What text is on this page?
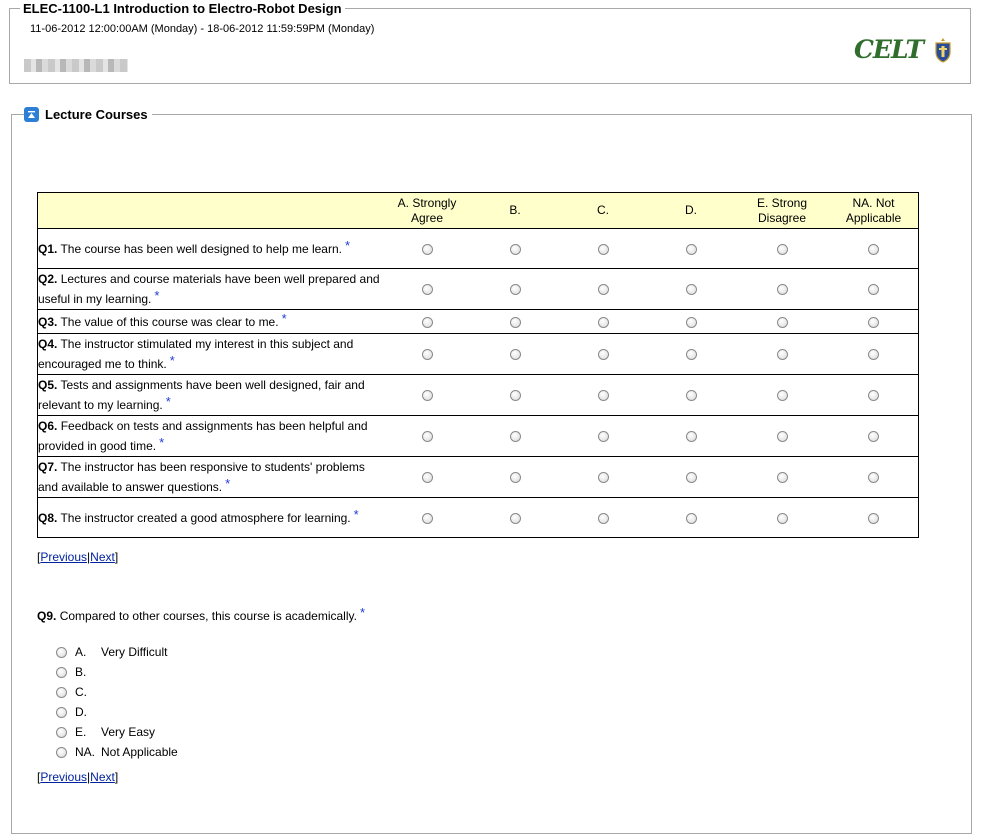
ELEC-1100-L1 Introduction to Electro-Robot Design
11-06-2012 12:00:00AM (Monday) - 18-06-2012 11:59:59PM (Monday)
CELT
Lecture Courses
	A. Strongly Agree	B.	C.	D.	E. Strong Disagree	NA. Not Applicable
Q1. The course has been well designed to help me learn. *						
Q2. Lectures and course materials have been well prepared and useful in my learning. *						
Q3. The value of this course was clear to me. *						
Q4. The instructor stimulated my interest in this subject and encouraged me to think. *						
Q5. Tests and assignments have been well designed, fair and relevant to my learning. *						
Q6. Feedback on tests and assignments has been helpful and provided in good time. *						
Q7. The instructor has been responsive to students' problems and available to answer questions. *						
Q8. The instructor created a good atmosphere for learning. *						
[Previous|Next]
Q9. Compared to other courses, this course is academically. *
A.	Very Difficult
B.
C.
D.
E.	Very Easy
NA. Not Applicable
[Previous|Next]
